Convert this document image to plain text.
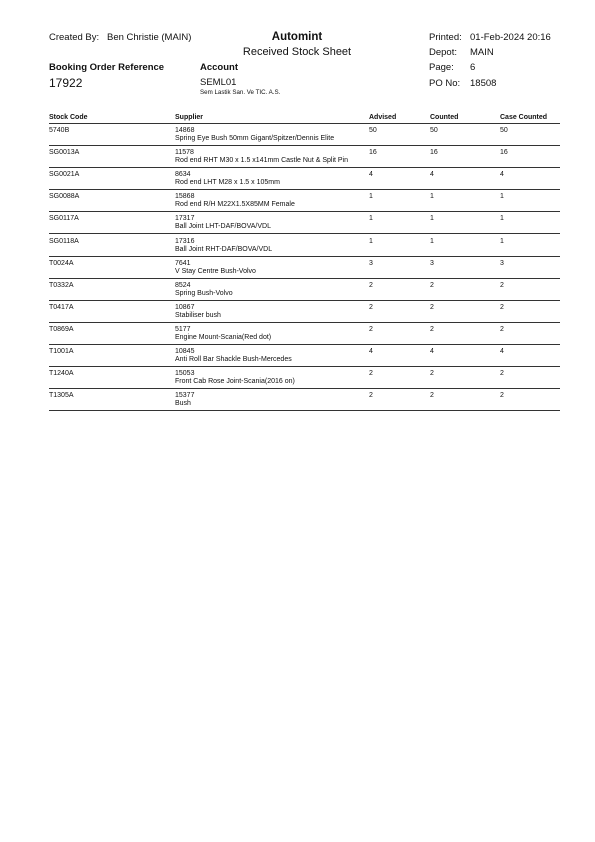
Created By: Ben Christie (MAIN)	Automint
Received Stock Sheet
Printed: 01-Feb-2024 20:16
Depot: MAIN
Page: 6
PO No: 18508
Booking Order Reference
17922
Account
SEML01
Sem Lastik San. Ve TIC. A.S.
Stock Code	Supplier	Advised	Counted	Case Counted
5740B	14868	50	50	50
Spring Eye Bush 50mm Gigant/Spitzer/Dennis Elite
SG0013A	11578	16	16	16
Rod end RHT M30 x 1.5 x141mm Castle Nut & Split Pin
SG0021A	8634	4	4	4
Rod end LHT M28 x 1.5 x 105mm
SG0088A	15868	1	1	1
Rod end R/H M22X1.5X85MM Female
SG0117A	17317	1	1	1
Ball Joint LHT-DAF/BOVA/VDL
SG0118A	17316	1	1	1
Ball Joint RHT-DAF/BOVA/VDL
T0024A	7641	3	3	3
V Stay Centre Bush-Volvo
T0332A	8524	2	2	2
Spring Bush-Volvo
T0417A	10867	2	2	2
Stabiliser bush
T0869A	5177	2	2	2
Engine Mount-Scania(Red dot)
T1001A	10845	4	4	4
Anti Roll Bar Shackle Bush-Mercedes
T1240A	15053	2	2	2
Front Cab Rose Joint-Scania(2016 on)
T1305A	15377	2	2	2
Bush
